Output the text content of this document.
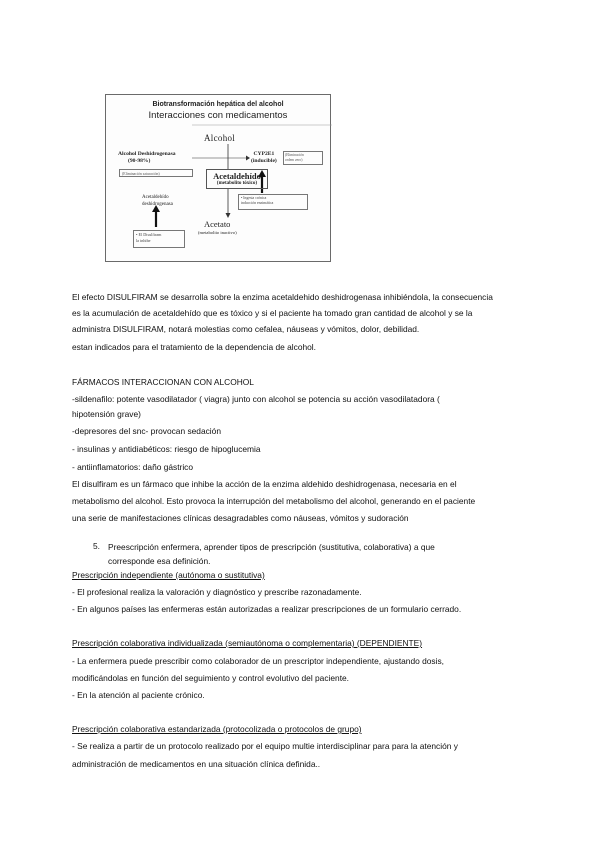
Biotransformación hepática del alcohol
Interacciones con medicamentos
Alcohol
Alcohol Deshidrogenasa
(90-98%)
(Eliminación saturación)
CYP2E1
(inducible)
(Eliminación
ordem zero)
Acetaldehído
(metabolito tóxico)
Acetaldehído
deshidrogenasa
• Ingesta crónica
inducción enzimática
Acetato
(metabolito inactivo)
• El Disulfiram
la inhibe
El efecto DISULFIRAM se desarrolla sobre la enzima acetaldehido deshidrogenasa inhibiéndola, la consecuencia
es la acumulación de acetaldehído que es tóxico y si el paciente ha tomado gran cantidad de alcohol y se la
administra DISULFIRAM, notará molestias como cefalea, náuseas y vómitos, dolor, debilidad.
estan indicados para el tratamiento de la dependencia de alcohol.
FÁRMACOS INTERACCIONAN CON ALCOHOL
-sildenafilo: potente vasodilatador ( viagra) junto con alcohol se potencia su acción vasodilatadora (
hipotensión grave)
-depresores del snc- provocan sedación
- insulinas y antidiabéticos: riesgo de hipoglucemia
- antiinflamatorios: daño gástrico
El disulfiram es un fármaco que inhibe la acción de la enzima aldehido deshidrogenasa, necesaria en el
metabolismo del alcohol. Esto provoca la interrupción del metabolismo del alcohol, generando en el paciente
una serie de manifestaciones clínicas desagradables como náuseas, vómitos y sudoración
5. Preescripción enfermera, aprender tipos de prescripción (sustitutiva, colaborativa) a que
corresponde esa definición.
Prescripción independiente (autónoma o sustitutiva)
- El profesional realiza la valoración y diagnóstico y prescribe razonadamente.
- En algunos países las enfermeras están autorizadas a realizar prescripciones de un formulario cerrado.
Prescripción colaborativa individualizada (semiautónoma o complementaria) (DEPENDIENTE)
- La enfermera puede prescribir como colaborador de un prescriptor independiente, ajustando dosis,
modificándolas en función del seguimiento y control evolutivo del paciente.
- En la atención al paciente crónico.
Prescripción colaborativa estandarizada (protocolizada o protocolos de grupo)
- Se realiza a partir de un protocolo realizado por el equipo multie interdisciplinar para para la atención y
administración de medicamentos en una situación clínica definida..
